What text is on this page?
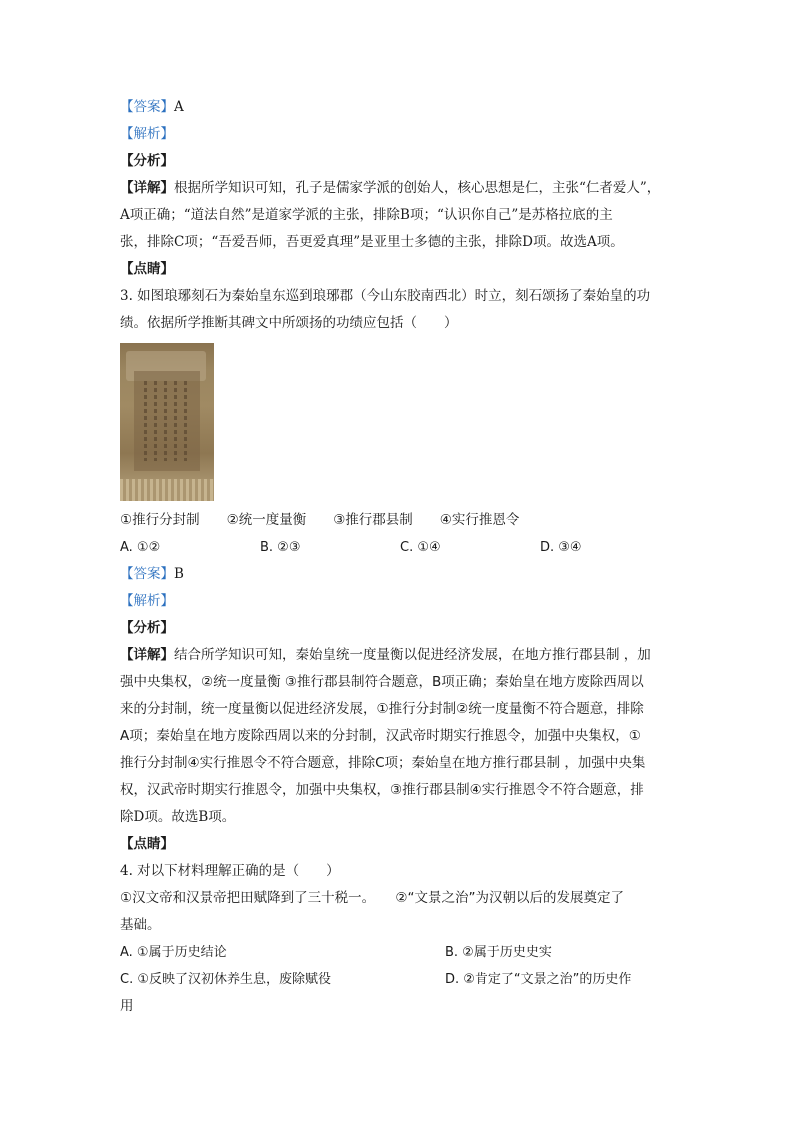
【答案】A
【解析】
【分析】
【详解】根据所学知识可知，孔子是儒家学派的创始人，核心思想是仁，主张“仁者爱人”，
A项正确；“道法自然”是道家学派的主张，排除B项；“认识你自己”是苏格拉底的主
张，排除C项；“吾爱吾师，吾更爱真理”是亚里士多德的主张，排除D项。故选A项。
【点睛】
3. 如图琅琊刻石为秦始皇东巡到琅琊郡（今山东胶南西北）时立，刻石颂扬了秦始皇的功
绩。依据所学推断其碑文中所颂扬的功绩应包括（　　）
①推行分封制　　②统一度量衡　　③推行郡县制　　④实行推恩令
A. ①②	B. ②③	C. ①④	D. ③④
【答案】B
【解析】
【分析】
【详解】结合所学知识可知，秦始皇统一度量衡以促进经济发展，在地方推行郡县制 ，加
强中央集权，②统一度量衡 ③推行郡县制符合题意，B项正确；秦始皇在地方废除西周以
来的分封制，统一度量衡以促进经济发展，①推行分封制②统一度量衡不符合题意，排除
A项；秦始皇在地方废除西周以来的分封制，汉武帝时期实行推恩令，加强中央集权，①
推行分封制④实行推恩令不符合题意，排除C项；秦始皇在地方推行郡县制 ，加强中央集
权，汉武帝时期实行推恩令，加强中央集权，③推行郡县制④实行推恩令不符合题意，排
除D项。故选B项。
【点睛】
4. 对以下材料理解正确的是（　　）
①汉文帝和汉景帝把田赋降到了三十税一。　　②“文景之治”为汉朝以后的发展奠定了
基础。
A. ①属于历史结论	B. ②属于历史史实
C. ①反映了汉初休养生息，废除赋役	D. ②肯定了“文景之治”的历史作
用
